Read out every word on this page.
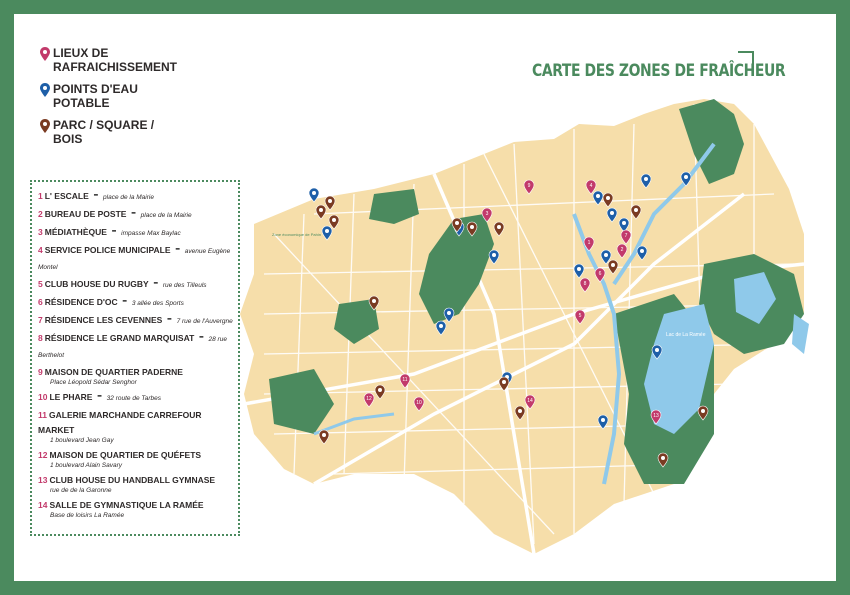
Lac de La Ramée
Zone économique de Pahin
1
2
3
4
5
6
7
8
9
10
11
12
13
14
LIEUX DE RAFRAICHISSEMENT
POINTS D'EAU POTABLE
PARC / SQUARE / BOIS
CARTE DES ZONES DE FRAÎCHEUR
1 L' ESCALE - place de la Mairie
2 BUREAU DE POSTE - place de la Mairie
3 MÉDIATHÈQUE - impasse Max Baylac
4 SERVICE POLICE MUNICIPALE - avenue Eugène Montel
5 CLUB HOUSE DU RUGBY - rue des Tilleuls
6 RÉSIDENCE D'OC - 3 allée des Sports
7 RÉSIDENCE LES CEVENNES - 7 rue de l'Auvergne
8 RÉSIDENCE LE GRAND MARQUISAT - 28 rue Berthelot
9 MAISON DE QUARTIER PADERNE
Place Léopold Sédar Senghor
10 LE PHARE - 32 route de Tarbes
11 GALERIE MARCHANDE CARREFOUR MARKET
1 boulevard Jean Gay
12 MAISON DE QUARTIER DE QUÉFETS
1 boulevard Alain Savary
13 CLUB HOUSE DU HANDBALL GYMNASE
rue de de la Garonne
14 SALLE DE GYMNASTIQUE LA RAMÉE
Base de loisirs La Ramée
